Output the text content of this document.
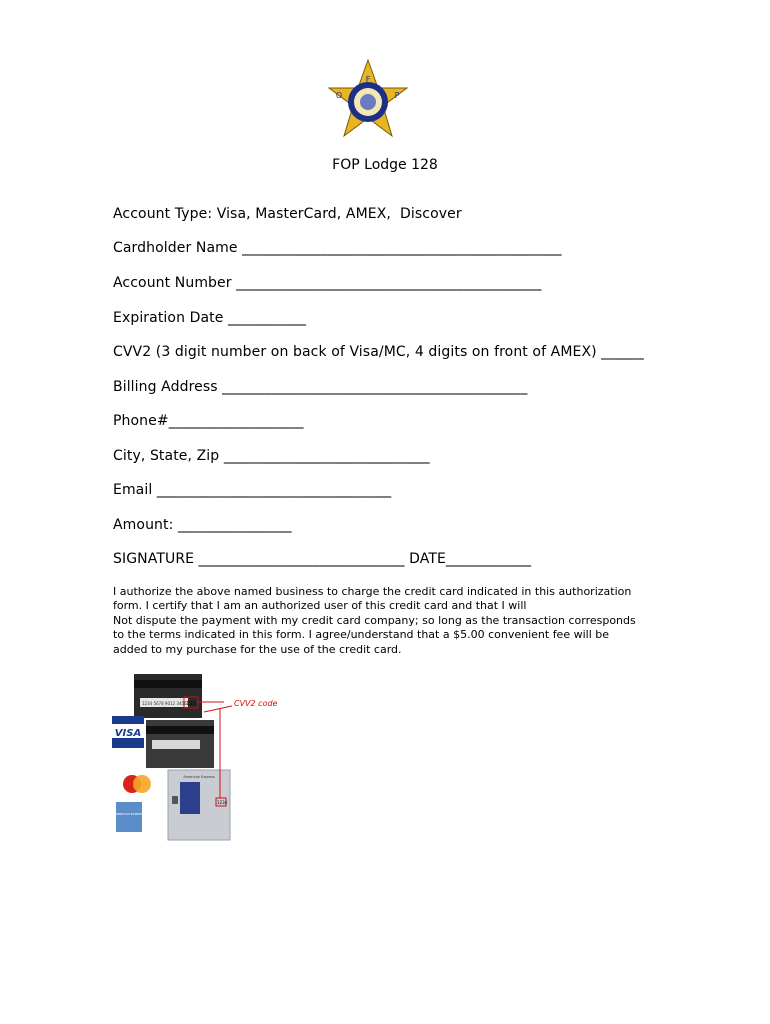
F
O	P
FOP Lodge 128
Account Type: Visa, MasterCard, AMEX,  Discover
Cardholder Name _____________________________________________
Account Number ___________________________________________
Expiration Date ___________
CVV2 (3 digit number on back of Visa/MC, 4 digits on front of AMEX) ______
Billing Address ___________________________________________
Phone#___________________
City, State, Zip _____________________________
Email _________________________________
Amount: ________________
SIGNATURE _____________________________ DATE____________
I authorize the above named business to charge the credit card indicated in this authorization
form. I certify that I am an authorized user of this credit card and that I will
Not dispute the payment with my credit card company; so long as the transaction corresponds
to the terms indicated in this form. I agree/understand that a $5.00 convenient fee will be
added to my purchase for the use of the credit card.
1234 5678 9012 3456 123
VISA
American Express
1234
AMERICAN EXPRESS
CVV2 code
